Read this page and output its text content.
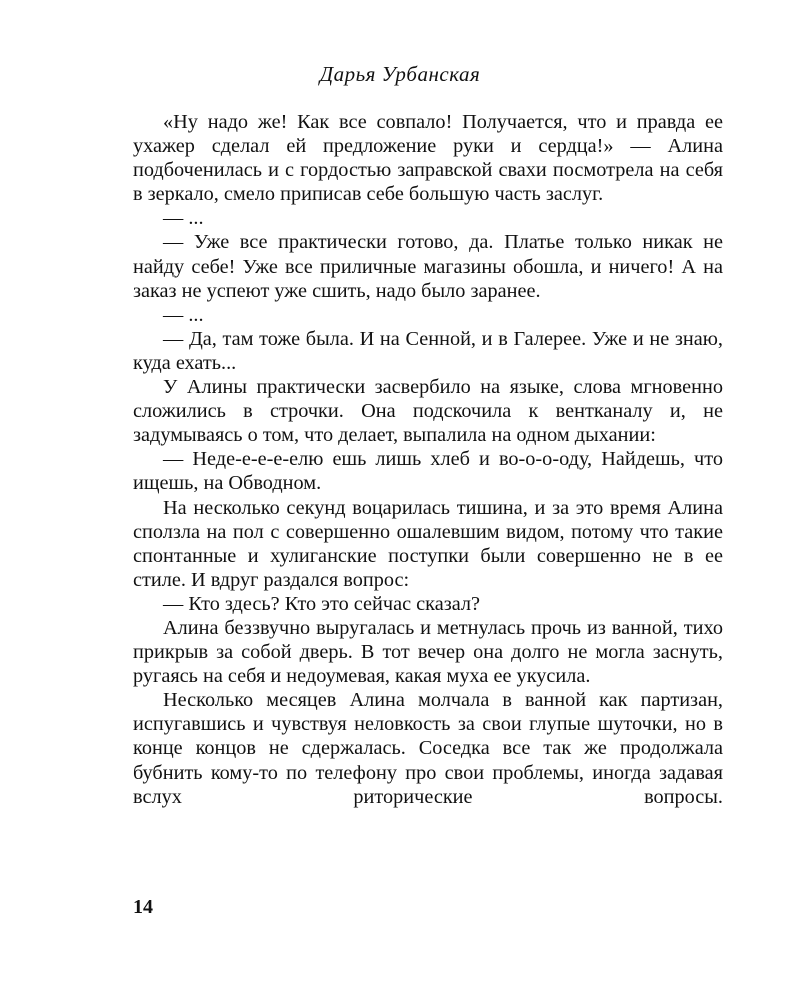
Дарья Урбанская

«Ну надо же! Как все совпало! Получается, что и правда ее ухажер сделал ей предложение руки и сердца!» — Алина подбоченилась и с гордостью заправской свахи посмотрела на себя в зеркало, смело приписав себе большую часть заслуг.

— ...

— Уже все практически готово, да. Платье только никак не найду себе! Уже все приличные магазины обошла, и ничего! А на заказ не успеют уже сшить, надо было заранее.

— ...

— Да, там тоже была. И на Сенной, и в Галерее. Уже и не знаю, куда ехать...

У Алины практически засвербило на языке, слова мгновенно сложились в строчки. Она подскочила к вентканалу и, не задумываясь о том, что делает, выпалила на одном дыхании:

— Неде-е-е-е-елю ешь лишь хлеб и во-о-о-оду, Найдешь, что ищешь, на Обводном.

На несколько секунд воцарилась тишина, и за это время Алина сползла на пол с совершенно ошалевшим видом, потому что такие спонтанные и хулиганские поступки были совершенно не в ее стиле. И вдруг раздался вопрос:

— Кто здесь? Кто это сейчас сказал?

Алина беззвучно выругалась и метнулась прочь из ванной, тихо прикрыв за собой дверь. В тот вечер она долго не могла заснуть, ругаясь на себя и недоумевая, какая муха ее укусила.

Несколько месяцев Алина молчала в ванной как партизан, испугавшись и чувствуя неловкость за свои глупые шуточки, но в конце концов не сдержалась. Соседка все так же продолжала бубнить кому-то по телефону про свои проблемы, иногда задавая вслух риторические вопросы.

14
